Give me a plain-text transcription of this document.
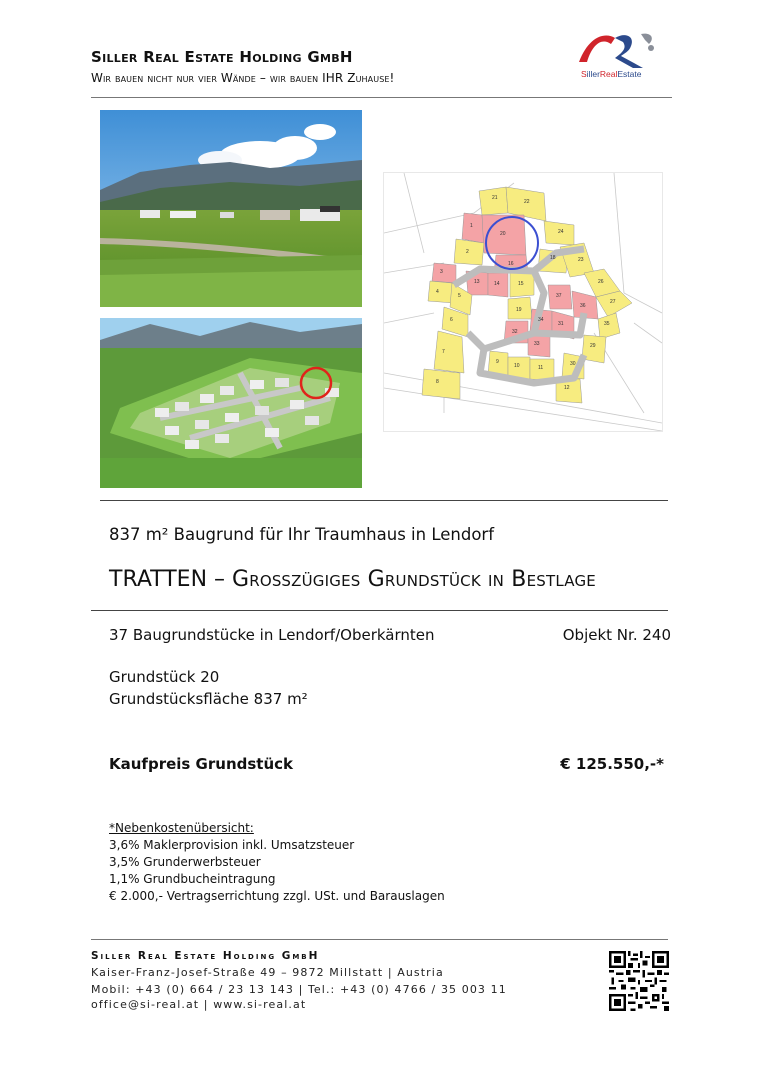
Siller Real Estate Holding GmbH
Wir bauen nicht nur vier Wände – wir bauen IHR Zuhause!	SillerRealEstate
21
22
1
20	24
2
16
18	23
3
26
13	14	15
27
4
5
19
37
36
34
35
6
31
32
33	29
7
9
10	11
30
8
12
837 m² Baugrund für Ihr Traumhaus in Lendorf
TRATTEN – Großzügiges Grundstück in Bestlage
37 Baugrundstücke in Lendorf/Oberkärnten	Objekt Nr. 240
Grundstück 20
Grundstücksfläche 837 m²
Kaufpreis Grundstück	€ 125.550,-*
*Nebenkostenübersicht:
3,6% Maklerprovision inkl. Umsatzsteuer
3,5% Grunderwerbsteuer
1,1% Grundbucheintragung
€ 2.000,- Vertragserrichtung zzgl. USt. und Barauslagen
Siller Real Estate Holding GmbH
Kaiser-Franz-Josef-Straße 49 – 9872 Millstatt | Austria
Mobil: +43 (0) 664 / 23 13 143 | Tel.: +43 (0) 4766 / 35 003 11
office@si-real.at | www.si-real.at
